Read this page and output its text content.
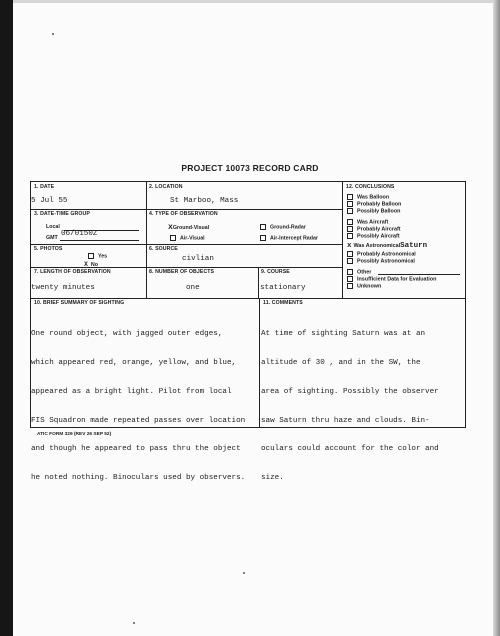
PROJECT 10073 RECORD CARD
1. DATE
5 Jul 55
2. LOCATION
St Marboo, Mass
3. DATE-TIME GROUP
Local
GMT 06/0150Z
4. TYPE OF OBSERVATION
xGround-Visual	Ground-Radar
Air-Visual	Air-Intercept Radar
5. PHOTOS
Yes
X No
6. SOURCE
civlian
7. LENGTH OF OBSERVATION
twenty minutes
8. NUMBER OF OBJECTS
one
9. COURSE
stationary
12. CONCLUSIONS
Was Balloon
Probably Balloon
Possibly Balloon
Was Aircraft
Probably Aircraft
Possibly Aircraft
x Was AstronomicalSaturn
Probably Astronomical
Possibly Astronomical
Other
Insufficient Data for Evaluation
Unknown
10. BRIEF SUMMARY OF SIGHTING

One round object, with jagged outer edges,

which appeared red, orange, yellow, and blue,

appeared as a bright light. Pilot from local

FIS Squadron made repeated passes over location

and though he appeared to pass thru the object

he noted nothing. Binoculars used by observers.

11. COMMENTS

At time of sighting Saturn was at an

altitude of 30 , and in the SW, the

area of sighting. Possibly the observer

saw Saturn thru haze and clouds. Bin-

oculars could account for the color and

size.

ATIC FORM 329 (REV 26 SEP 52)
